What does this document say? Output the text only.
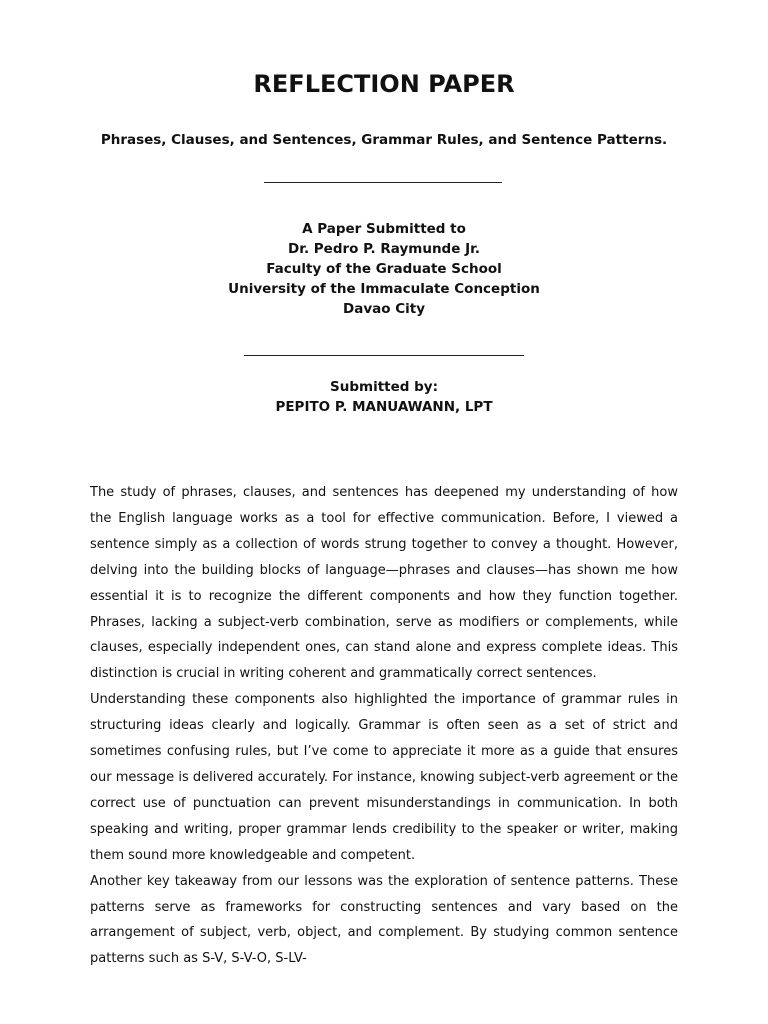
REFLECTION PAPER

Phrases, Clauses, and Sentences, Grammar Rules, and Sentence Patterns.

A Paper Submitted to
Dr. Pedro P. Raymunde Jr.
Faculty of the Graduate School
University of the Immaculate Conception
Davao City
Submitted by:
PEPITO P. MANUAWANN, LPT

The study of phrases, clauses, and sentences has deepened my understanding of how the English language works as a tool for effective communication. Before, I viewed a sentence simply as a collection of words strung together to convey a thought. However, delving into the building blocks of language—phrases and clauses—has shown me how essential it is to recognize the different components and how they function together. Phrases, lacking a subject-verb combination, serve as modifiers or complements, while clauses, especially independent ones, can stand alone and express complete ideas. This distinction is crucial in writing coherent and grammatically correct sentences.

Understanding these components also highlighted the importance of grammar rules in structuring ideas clearly and logically. Grammar is often seen as a set of strict and sometimes confusing rules, but I’ve come to appreciate it more as a guide that ensures our message is delivered accurately. For instance, knowing subject-verb agreement or the correct use of punctuation can prevent misunderstandings in communication. In both speaking and writing, proper grammar lends credibility to the speaker or writer, making them sound more knowledgeable and competent.

Another key takeaway from our lessons was the exploration of sentence patterns. These patterns serve as frameworks for constructing sentences and vary based on the arrangement of subject, verb, object, and complement. By studying common sentence patterns such as S-V, S-V-O, S-LV-
